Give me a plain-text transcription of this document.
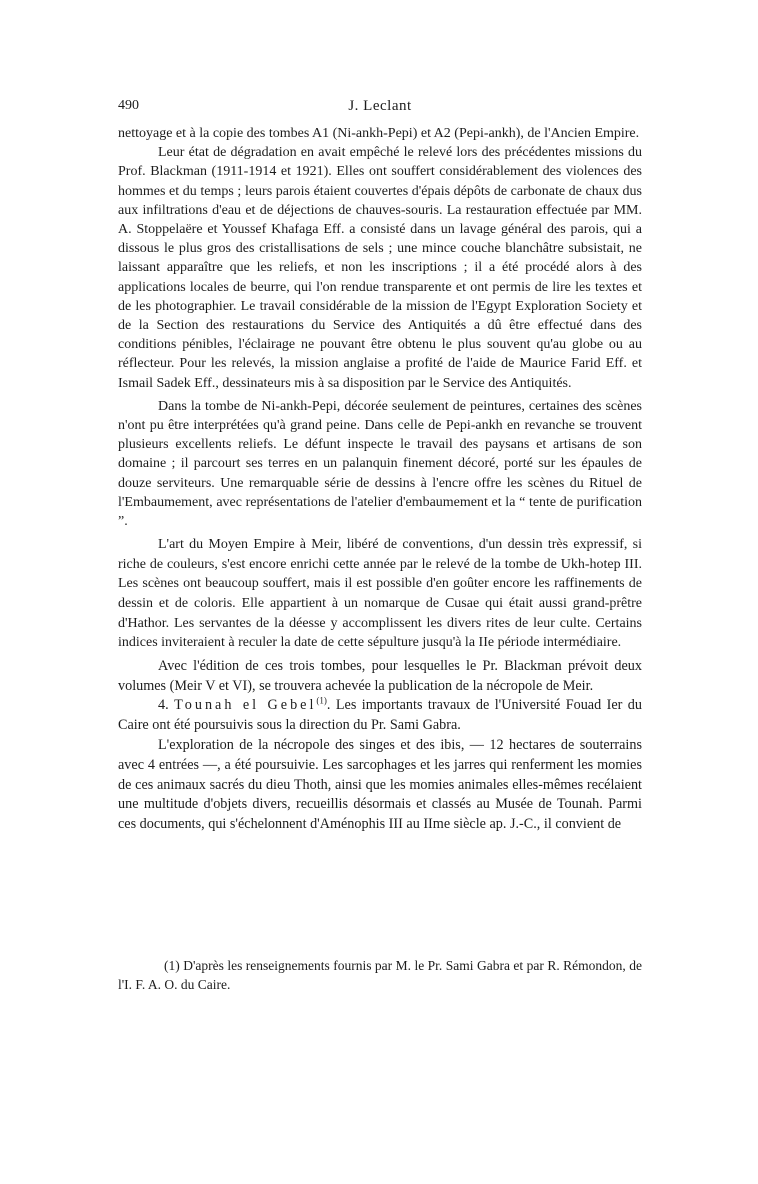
490	J. Leclant

nettoyage et à la copie des tombes A1 (Ni-ankh-Pepi) et A2 (Pepi-ankh), de l'Ancien Empire.

Leur état de dégradation en avait empêché le relevé lors des précédentes missions du Prof. Blackman (1911-1914 et 1921). Elles ont souffert considérablement des violences des hommes et du temps ; leurs parois étaient couvertes d'épais dépôts de carbonate de chaux dus aux infiltrations d'eau et de déjections de chauves-souris. La restauration effectuée par MM. A. Stoppelaëre et Youssef Khafaga Eff. a consisté dans un lavage général des parois, qui a dissous le plus gros des cristallisations de sels ; une mince couche blanchâtre subsistait, ne laissant apparaître que les reliefs, et non les inscriptions ; il a été procédé alors à des applications locales de beurre, qui l'on rendue transparente et ont permis de lire les textes et de les photographier. Le travail considérable de la mission de l'Egypt Exploration Society et de la Section des restaurations du Service des Antiquités a dû être effectué dans des conditions pénibles, l'éclairage ne pouvant être obtenu le plus souvent qu'au globe ou au réflecteur. Pour les relevés, la mission anglaise a profité de l'aide de Maurice Farid Eff. et Ismail Sadek Eff., dessinateurs mis à sa disposition par le Service des Antiquités.

Dans la tombe de Ni-ankh-Pepi, décorée seulement de peintures, certaines des scènes n'ont pu être interprétées qu'à grand peine. Dans celle de Pepi-ankh en revanche se trouvent plusieurs excellents reliefs. Le défunt inspecte le travail des paysans et artisans de son domaine ; il parcourt ses terres en un palanquin finement décoré, porté sur les épaules de douze serviteurs. Une remarquable série de dessins à l'encre offre les scènes du Rituel de l'Embaumement, avec représentations de l'atelier d'embaumement et la “ tente de purification ”.

L'art du Moyen Empire à Meir, libéré de conventions, d'un dessin très expressif, si riche de couleurs, s'est encore enrichi cette année par le relevé de la tombe de Ukh-hotep III. Les scènes ont beaucoup souffert, mais il est possible d'en goûter encore les raffinements de dessin et de coloris. Elle appartient à un nomarque de Cusae qui était aussi grand-prêtre d'Hathor. Les servantes de la déesse y accomplissent les divers rites de leur culte. Certains indices inviteraient à reculer la date de cette sépulture jusqu'à la IIe période intermédiaire.

Avec l'édition de ces trois tombes, pour lesquelles le Pr. Blackman prévoit deux volumes (Meir V et VI), se trouvera achevée la publication de la nécropole de Meir.

4. Tounah el Gebel$^{(1)}$. Les importants travaux de l'Université Fouad Ier du Caire ont été poursuivis sous la direction du Pr. Sami Gabra.

L'exploration de la nécropole des singes et des ibis, — 12 hectares de souterrains avec 4 entrées —, a été poursuivie. Les sarcophages et les jarres qui renferment les momies de ces animaux sacrés du dieu Thoth, ainsi que les momies animales elles-mêmes recélaient une multitude d'objets divers, recueillis désormais et classés au Musée de Tounah. Parmi ces documents, qui s'échelonnent d'Aménophis III au IIme siècle ap. J.-C., il convient de

(1) D'après les renseignements fournis par M. le Pr. Sami Gabra et par R. Rémondon, de l'I. F. A. O. du Caire.
